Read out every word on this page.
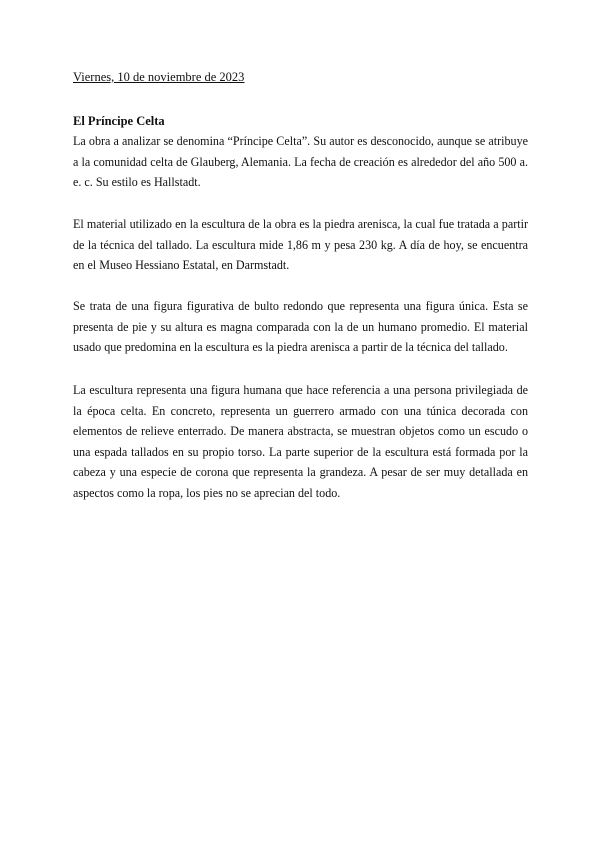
Viernes, 10 de noviembre de 2023
El Príncipe Celta

La obra a analizar se denomina “Príncipe Celta”. Su autor es desconocido, aunque se atribuye a la comunidad celta de Glauberg, Alemania. La fecha de creación es alrededor del año 500 a. e. c. Su estilo es Hallstadt.

El material utilizado en la escultura de la obra es la piedra arenisca, la cual fue tratada a partir de la técnica del tallado. La escultura mide 1,86 m y pesa 230 kg. A día de hoy, se encuentra en el Museo Hessiano Estatal, en Darmstadt.

Se trata de una figura figurativa de bulto redondo que representa una figura única. Esta se presenta de pie y su altura es magna comparada con la de un humano promedio. El material usado que predomina en la escultura es la piedra arenisca a partir de la técnica del tallado.

La escultura representa una figura humana que hace referencia a una persona privilegiada de la época celta. En concreto, representa un guerrero armado con una túnica decorada con elementos de relieve enterrado. De manera abstracta, se muestran objetos como un escudo o una espada tallados en su propio torso. La parte superior de la escultura está formada por la cabeza y una especie de corona que representa la grandeza. A pesar de ser muy detallada en aspectos como la ropa, los pies no se aprecian del todo.
